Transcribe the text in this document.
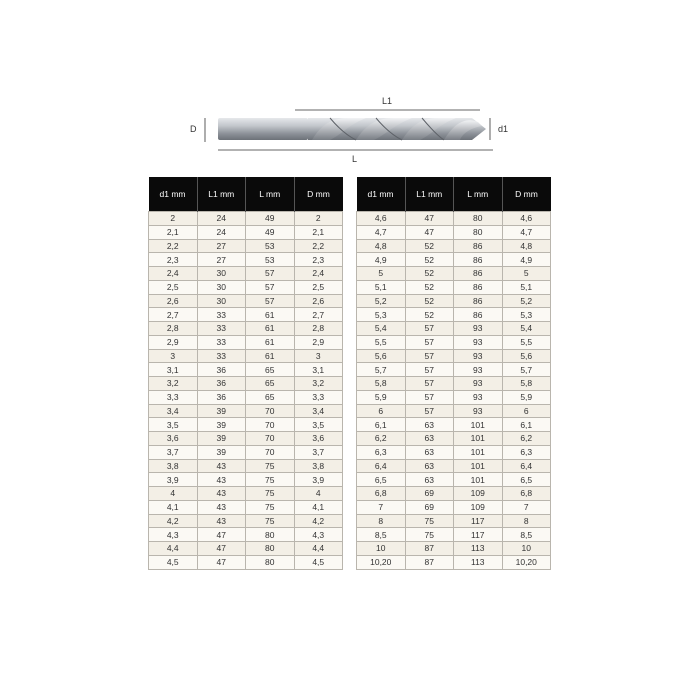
D
L1
d1
L
d1 mm	L1 mm	L mm	D mm
2	24	49	2
2,1	24	49	2,1
2,2	27	53	2,2
2,3	27	53	2,3
2,4	30	57	2,4
2,5	30	57	2,5
2,6	30	57	2,6
2,7	33	61	2,7
2,8	33	61	2,8
2,9	33	61	2,9
3	33	61	3
3,1	36	65	3,1
3,2	36	65	3,2
3,3	36	65	3,3
3,4	39	70	3,4
3,5	39	70	3,5
3,6	39	70	3,6
3,7	39	70	3,7
3,8	43	75	3,8
3,9	43	75	3,9
4	43	75	4
4,1	43	75	4,1
4,2	43	75	4,2
4,3	47	80	4,3
4,4	47	80	4,4
4,5	47	80	4,5
d1 mm	L1 mm	L mm	D mm
4,6	47	80	4,6
4,7	47	80	4,7
4,8	52	86	4,8
4,9	52	86	4,9
5	52	86	5
5,1	52	86	5,1
5,2	52	86	5,2
5,3	52	86	5,3
5,4	57	93	5,4
5,5	57	93	5,5
5,6	57	93	5,6
5,7	57	93	5,7
5,8	57	93	5,8
5,9	57	93	5,9
6	57	93	6
6,1	63	101	6,1
6,2	63	101	6,2
6,3	63	101	6,3
6,4	63	101	6,4
6,5	63	101	6,5
6,8	69	109	6,8
7	69	109	7
8	75	117	8
8,5	75	117	8,5
10	87	113	10
10,20	87	113	10,20
